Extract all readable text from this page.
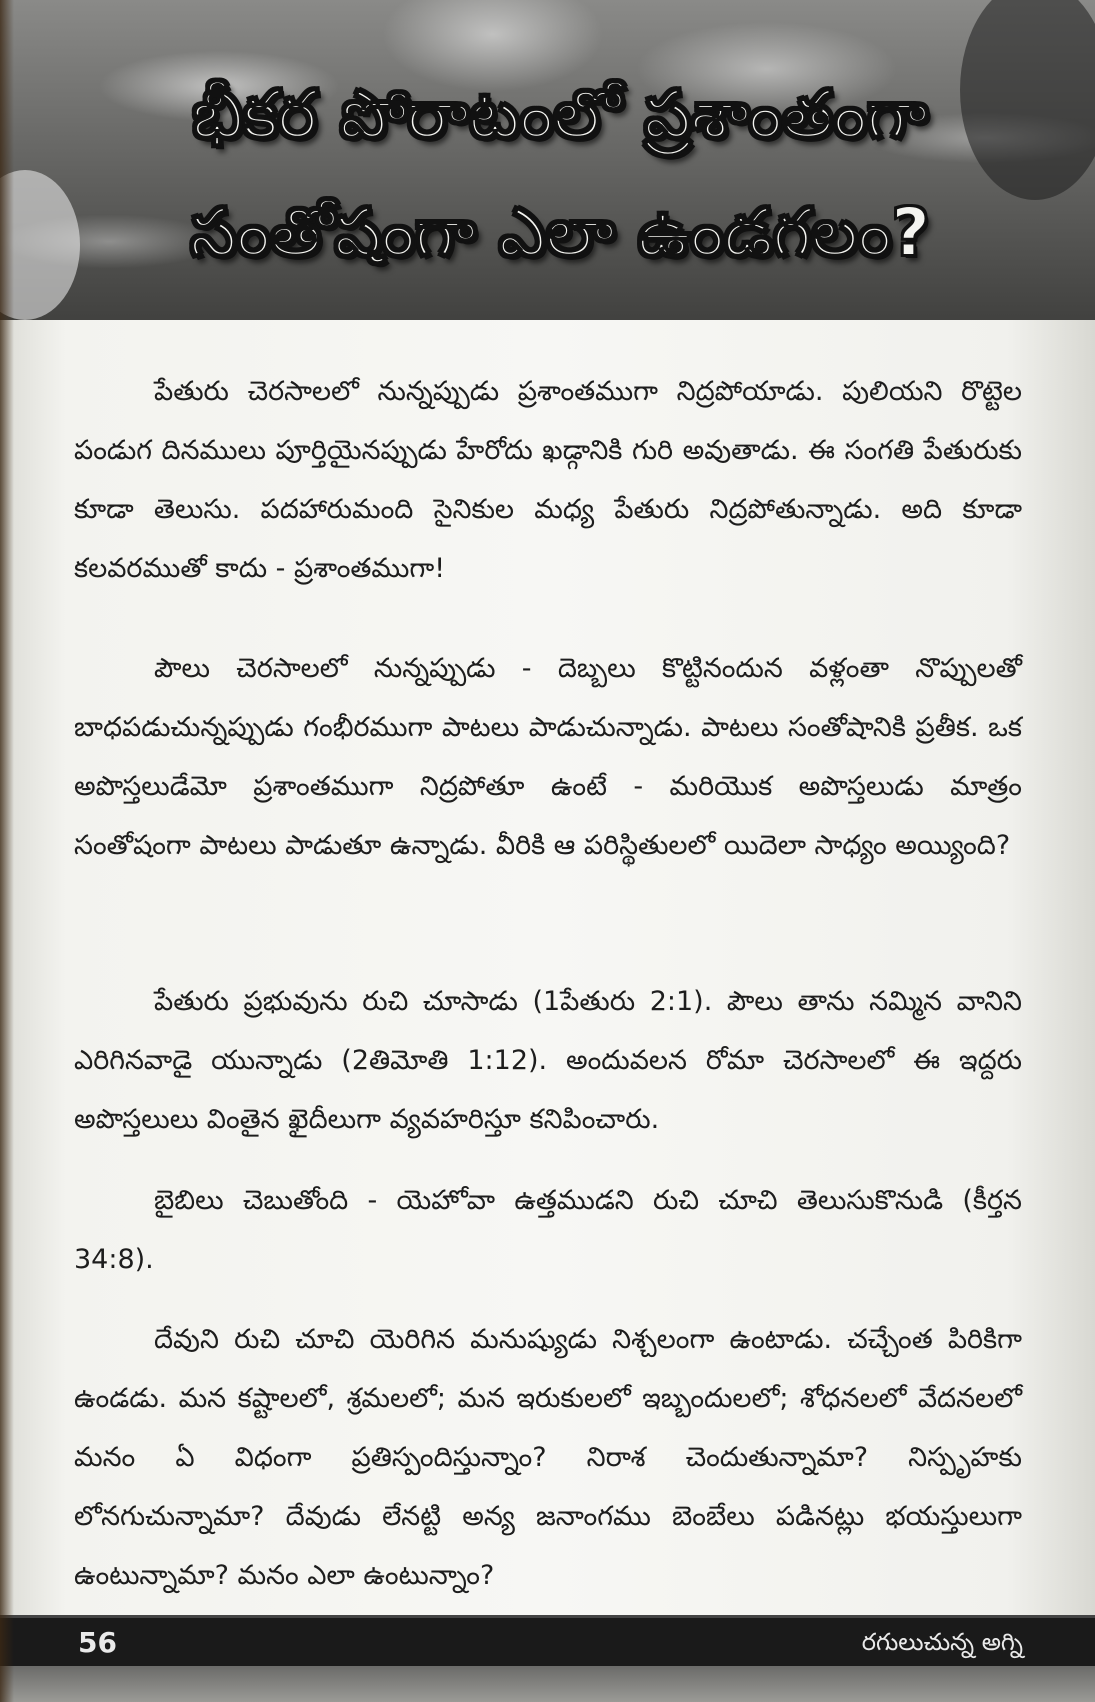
భీకర పోరాటంలో ప్రశాంతంగా
సంతోషంగా ఎలా ఉండగలం?

పేతురు చెరసాలలో నున్నప్పుడు ప్రశాంతముగా నిద్రపోయాడు. పులియని రొట్టెల పండుగ దినములు పూర్తియైనప్పుడు హేరోదు ఖడ్గానికి గురి అవుతాడు. ఈ సంగతి పేతురుకు కూడా తెలుసు. పదహారుమంది సైనికుల మధ్య పేతురు నిద్రపోతున్నాడు. అది కూడా కలవరముతో కాదు - ప్రశాంతముగా!

పౌలు చెరసాలలో నున్నప్పుడు - దెబ్బలు కొట్టినందున వళ్లంతా నొప్పులతో బాధపడుచున్నప్పుడు గంభీరముగా పాటలు పాడుచున్నాడు. పాటలు సంతోషానికి ప్రతీక. ఒక అపొస్తలుడేమో ప్రశాంతముగా నిద్రపోతూ ఉంటే - మరియొక అపొస్తలుడు మాత్రం సంతోషంగా పాటలు పాడుతూ ఉన్నాడు. వీరికి ఆ పరిస్థితులలో యిదెలా సాధ్యం అయ్యింది?

పేతురు ప్రభువును రుచి చూసాడు (1పేతురు 2:1). పౌలు తాను నమ్మిన వానిని ఎరిగినవాడై యున్నాడు (2తిమోతి 1:12). అందువలన రోమా చెరసాలలో ఈ ఇద్దరు అపొస్తలులు వింతైన ఖైదీలుగా వ్యవహరిస్తూ కనిపించారు.

బైబిలు చెబుతోంది - యెహోవా ఉత్తముడని రుచి చూచి తెలుసుకొనుడి (కీర్తన 34:8).

దేవుని రుచి చూచి యెరిగిన మనుష్యుడు నిశ్చలంగా ఉంటాడు. చచ్చేంత పిరికిగా ఉండడు. మన కష్టాలలో, శ్రమలలో; మన ఇరుకులలో ఇబ్బందులలో; శోధనలలో వేదనలలో మనం ఏ విధంగా ప్రతిస్పందిస్తున్నాం? నిరాశ చెందుతున్నామా? నిస్పృహకు లోనగుచున్నామా? దేవుడు లేనట్టి అన్య జనాంగము బెంబేలు పడినట్లు భయస్తులుగా ఉంటున్నామా? మనం ఎలా ఉంటున్నాం?

56	రగులుచున్న అగ్ని
